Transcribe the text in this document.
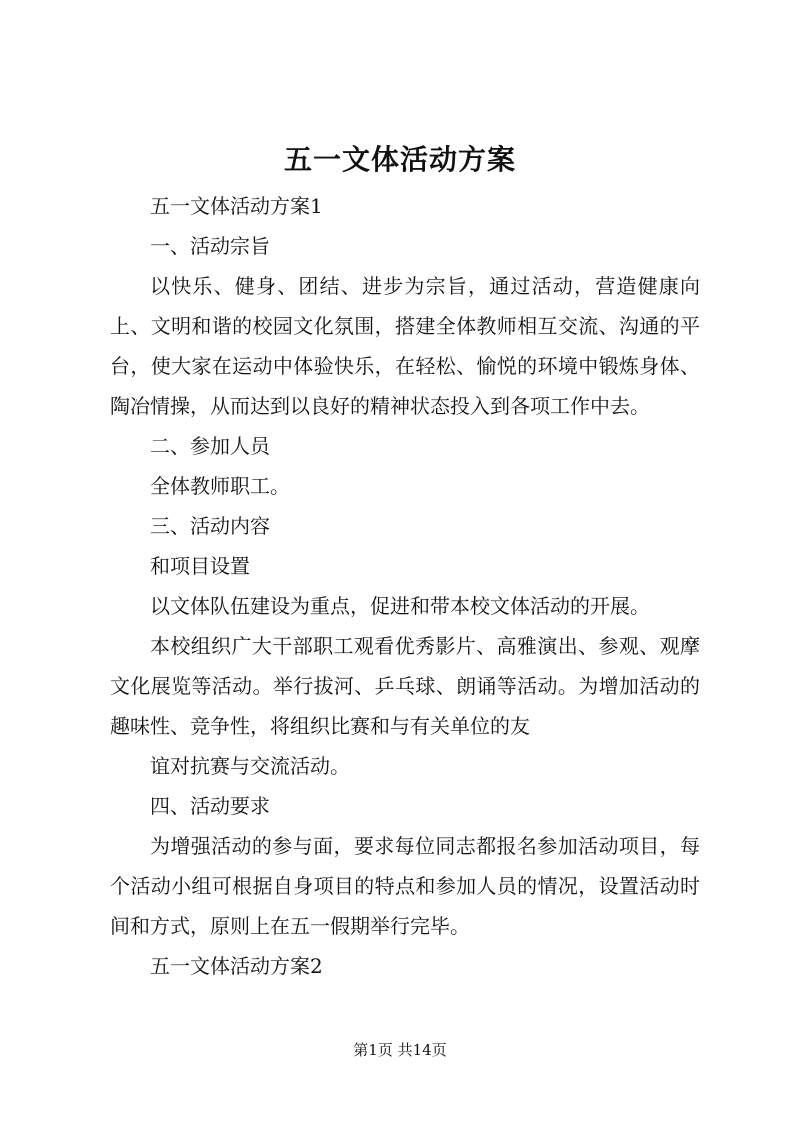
五一文体活动方案

五一文体活动方案1

一、活动宗旨

以快乐、健身、团结、进步为宗旨，通过活动，营造健康向上、文明和谐的校园文化氛围，搭建全体教师相互交流、沟通的平台，使大家在运动中体验快乐，在轻松、愉悦的环境中锻炼身体、陶冶情操，从而达到以良好的精神状态投入到各项工作中去。

二、参加人员

全体教师职工。

三、活动内容

和项目设置

以文体队伍建设为重点，促进和带本校文体活动的开展。

本校组织广大干部职工观看优秀影片、高雅演出、参观、观摩文化展览等活动。举行拔河、乒乓球、朗诵等活动。为增加活动的趣味性、竞争性，将组织比赛和与有关单位的友

谊对抗赛与交流活动。

四、活动要求

为增强活动的参与面，要求每位同志都报名参加活动项目，每个活动小组可根据自身项目的特点和参加人员的情况，设置活动时间和方式，原则上在五一假期举行完毕。

五一文体活动方案2

第1页 共14页
